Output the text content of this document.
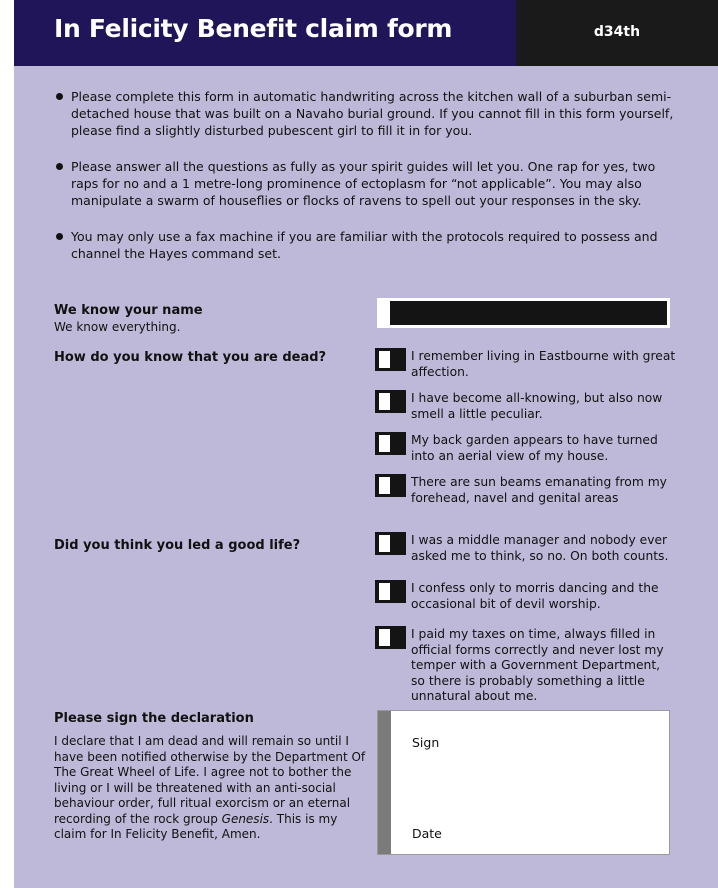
In Felicity Benefit claim form	d34th
Please complete this form in automatic handwriting across the kitchen wall of a suburban semi-detached house that was built on a Navaho burial ground. If you cannot fill in this form yourself, please find a slightly disturbed pubescent girl to fill it in for you.
Please answer all the questions as fully as your spirit guides will let you. One rap for yes, two raps for no and a 1 metre-long prominence of ectoplasm for “not applicable”. You may also manipulate a swarm of houseflies or flocks of ravens to spell out your responses in the sky.
You may only use a fax machine if you are familiar with the protocols required to possess and channel the Hayes command set.
We know your name
We know everything.
How do you know that you are dead?	I remember living in Eastbourne with great affection.
I have become all-knowing, but also now smell a little peculiar.
My back garden appears to have turned into an aerial view of my house.
There are sun beams emanating from my forehead, navel and genital areas
Did you think you led a good life?	I was a middle manager and nobody ever asked me to think, so no. On both counts.
I confess only to morris dancing and the occasional bit of devil worship.
I paid my taxes on time, always filled in official forms correctly and never lost my temper with a Government Department, so there is probably something a little unnatural about me.
Please sign the declaration
I declare that I am dead and will remain so until I have been notified otherwise by the Department Of The Great Wheel of Life. I agree not to bother the living or I will be threatened with an anti-social behaviour order, full ritual exorcism or an eternal recording of the rock group Genesis. This is my claim for In Felicity Benefit, Amen.
Sign
Date
